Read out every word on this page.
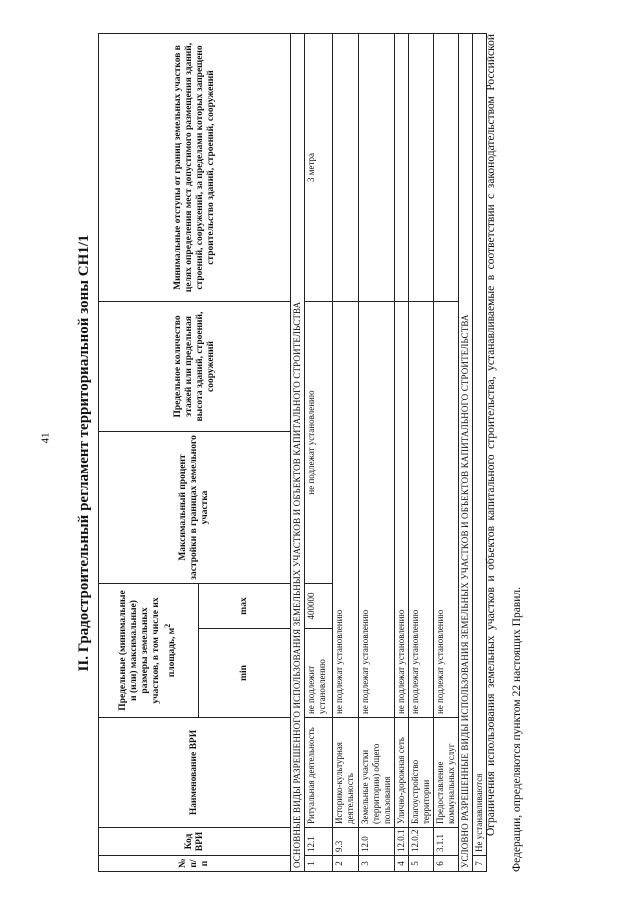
41 II. Градостроительный регламент территориальной зоны СН1/1
№ п/п	Код ВРИ	Наименование ВРИ	Предельные (минимальные и (или) максимальные) размеры земельных участков, в том числе их площадь, $м^2$		Максимальный процент застройки в границах земельного участка	Предельное количество этажей или предельная высота зданий, строений, сооружений	Минимальные отступы от границ земельных участков в целях определения мест допустимого размещения зданий, строений, сооружений, за пределами которых запрещено строительство зданий, строений, сооружений
			min	max			
ОСНОВНЫЕ ВИДЫ РАЗРЕШЕННОГО ИСПОЛЬЗОВАНИЯ ЗЕМЕЛЬНЫХ УЧАСТКОВ И ОБЪЕКТОВ КАПИТАЛЬНОГО СТРОИТЕЛЬСТВА							
1	12.1	Ритуальная деятельность	не подлежит установлению	400000	не подлежат установлению		3 метра
2	9.3	Историко-культурная деятельность	не подлежат установлению				
3	12.0	Земельные участки (территории) общего пользования	не подлежат установлению				
4	12.0.1	Улично-дорожная сеть	не подлежат установлению				
5	12.0.2	Благоустройство территории	не подлежат установлению				
6	3.1.1	Предоставление коммунальных услуг	не подлежат установлению				
УСЛОВНО РАЗРЕШЕННЫЕ ВИДЫ ИСПОЛЬЗОВАНИЯ ЗЕМЕЛЬНЫХ УЧАСТКОВ И ОБЪЕКТОВ КАПИТАЛЬНОГО СТРОИТЕЛЬСТВА							
7	Не устанавливаются						Ограничения использования земельных участков и объектов капитального строительства, устанавливаемые в соответствии с законодательством Российской Федерации, определяются пунктом 22 настоящих Правил.
